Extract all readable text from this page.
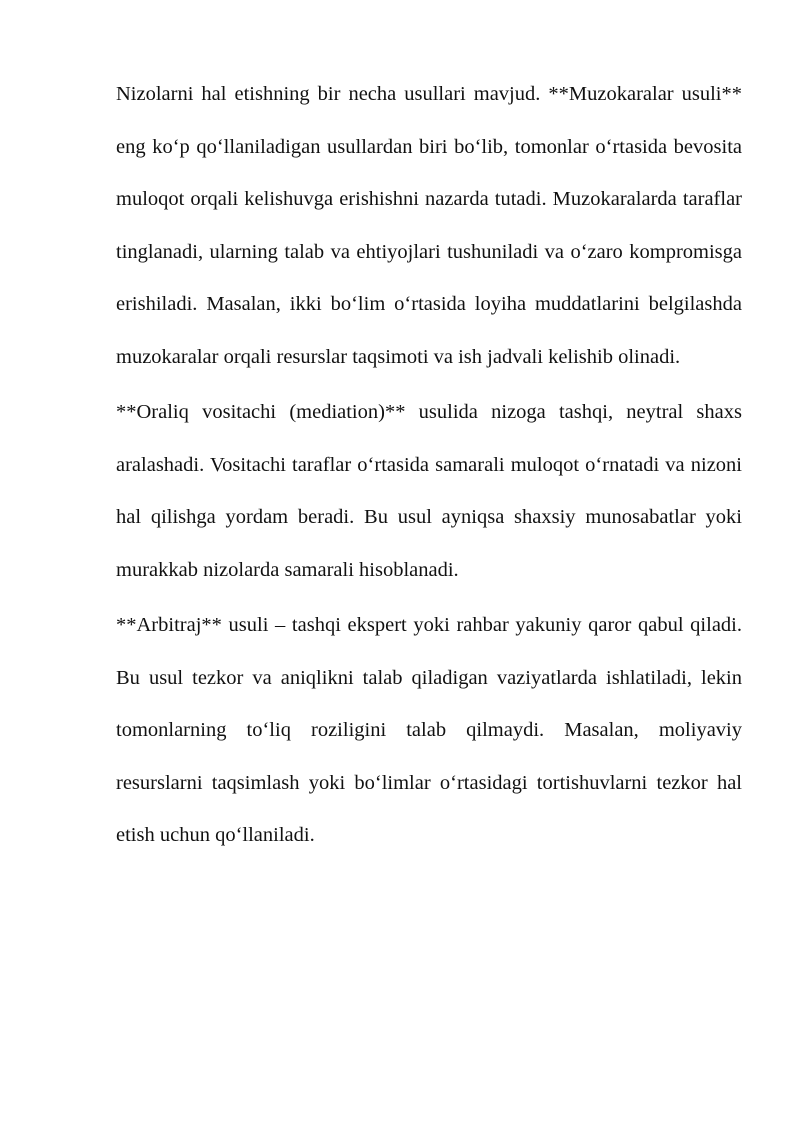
Nizolarni hal etishning bir necha usullari mavjud. **Muzokaralar usuli** eng ko‘p qo‘llaniladigan usullardan biri bo‘lib, tomonlar o‘rtasida bevosita muloqot orqali kelishuvga erishishni nazarda tutadi. Muzokaralarda taraflar tinglanadi, ularning talab va ehtiyojlari tushuniladi va o‘zaro kompromisga erishiladi. Masalan, ikki bo‘lim o‘rtasida loyiha muddatlarini belgilashda muzokaralar orqali resurslar taqsimoti va ish jadvali kelishib olinadi.

**Oraliq vositachi (mediation)** usulida nizoga tashqi, neytral shaxs aralashadi. Vositachi taraflar o‘rtasida samarali muloqot o‘rnatadi va nizoni hal qilishga yordam beradi. Bu usul ayniqsa shaxsiy munosabatlar yoki murakkab nizolarda samarali hisoblanadi.

**Arbitraj** usuli – tashqi ekspert yoki rahbar yakuniy qaror qabul qiladi. Bu usul tezkor va aniqlikni talab qiladigan vaziyatlarda ishlatiladi, lekin tomonlarning to‘liq roziligini talab qilmaydi. Masalan, moliyaviy resurslarni taqsimlash yoki bo‘limlar o‘rtasidagi tortishuvlarni tezkor hal etish uchun qo‘llaniladi.
